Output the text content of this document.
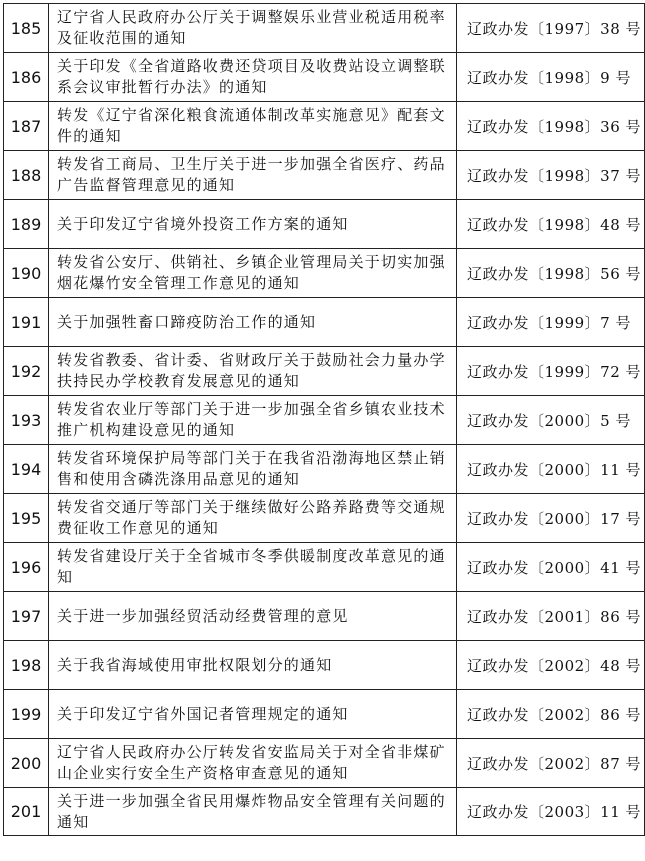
185	辽宁省人民政府办公厅关于调整娱乐业营业税适用税率及征收范围的通知	辽政办发〔1997〕38 号
186	关于印发《全省道路收费还贷项目及收费站设立调整联系会议审批暂行办法》的通知	辽政办发〔1998〕9 号
187	转发《辽宁省深化粮食流通体制改革实施意见》配套文件的通知	辽政办发〔1998〕36 号
188	转发省工商局、卫生厅关于进一步加强全省医疗、药品广告监督管理意见的通知	辽政办发〔1998〕37 号
189	关于印发辽宁省境外投资工作方案的通知	辽政办发〔1998〕48 号
190	转发省公安厅、供销社、乡镇企业管理局关于切实加强烟花爆竹安全管理工作意见的通知	辽政办发〔1998〕56 号
191	关于加强牲畜口蹄疫防治工作的通知	辽政办发〔1999〕7 号
192	转发省教委、省计委、省财政厅关于鼓励社会力量办学扶持民办学校教育发展意见的通知	辽政办发〔1999〕72 号
193	转发省农业厅等部门关于进一步加强全省乡镇农业技术推广机构建设意见的通知	辽政办发〔2000〕5 号
194	转发省环境保护局等部门关于在我省沿渤海地区禁止销售和使用含磷洗涤用品意见的通知	辽政办发〔2000〕11 号
195	转发省交通厅等部门关于继续做好公路养路费等交通规费征收工作意见的通知	辽政办发〔2000〕17 号
196	转发省建设厅关于全省城市冬季供暖制度改革意见的通知	辽政办发〔2000〕41 号
197	关于进一步加强经贸活动经费管理的意见	辽政办发〔2001〕86 号
198	关于我省海域使用审批权限划分的通知	辽政办发〔2002〕48 号
199	关于印发辽宁省外国记者管理规定的通知	辽政办发〔2002〕86 号
200	辽宁省人民政府办公厅转发省安监局关于对全省非煤矿山企业实行安全生产资格审查意见的通知	辽政办发〔2002〕87 号
201	关于进一步加强全省民用爆炸物品安全管理有关问题的通知	辽政办发〔2003〕11 号
